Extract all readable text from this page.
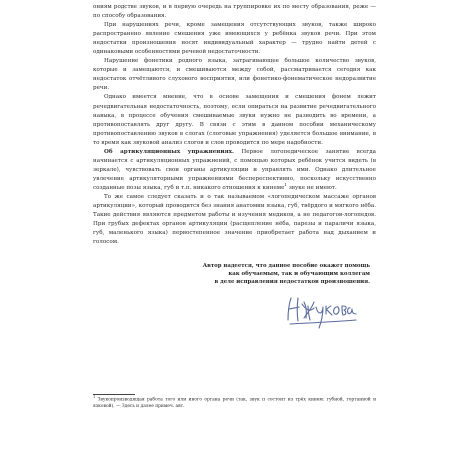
ониям родстве звуков, и в первую очередь на группировке их по месту образования, реже — по способу образования.

При нарушениях речи, кроме замещения отсутствующих звуков, также широко распространено явление смешения уже имеющихся у ребёнка звуков речи. При этом недостатки произношения носят индивидуальный характер — трудно найти детей с одинаковыми особенностями речевой недостаточности.

Нарушение фонетики родного языка, затрагивающее большое количество звуков, которые и замещаются, и смешиваются между собой, рассматривается сегодня как недостаток отчётливого слухового восприятия, или фонетико-фонематическое недоразвитие речи.

Однако имеется мнение, что в основе замещения и смешения фонем лежит речедвигательная недостаточность, поэтому, если опираться на развитие речедвигательного навыка, в процессе обучения смешиваемые звуки нужно не разводить во времени, а противопоставлять друг другу. В связи с этим в данном пособии механическому противопоставлению звуков в слогах (слоговые упражнения) уделяется большое внимание, в то время как звуковой анализ слогов и слов проводится по мере надобности.

Об артикуляционных упражнениях. Первое логопедическое занятие всегда начинается с артикуляционных упражнений, с помощью которых ребёнок учится видеть (в зеркале), чувствовать свои органы артикуляции и управлять ими. Однако длительное увлечение артикуляторными упражнениями беспереспективно, поскольку искусственно созданные позы языка, губ и т.п. никакого отношения к кинеме$^1$ звуке не имеют.

То же самое следует сказать и о так называемом «логопедическом массаже органов артикуляции», который проводится без знания анатомии языка, губ, твёрдого и мягкого нёба. Такие действия являются предметом работы и изучения медиков, а не педагогов-логопедов. При грубых дефектах органов артикуляции (расщепление нёба, парезы и параличи языка, губ, маленького языка) первостепенное значение приобретает работа над дыханием и голосом.

Автор надеется, что данное пособие окажет помощь
как обучаемым, так и обучающим коллегам
в деле исправления недостатков произношения.
$^1$ Звукопроизводящая работа того или иного органа речи (так, звук п состоит из трёх кинем: губной, гортанной и язковой). — Здесь и далее примеч. авт.
